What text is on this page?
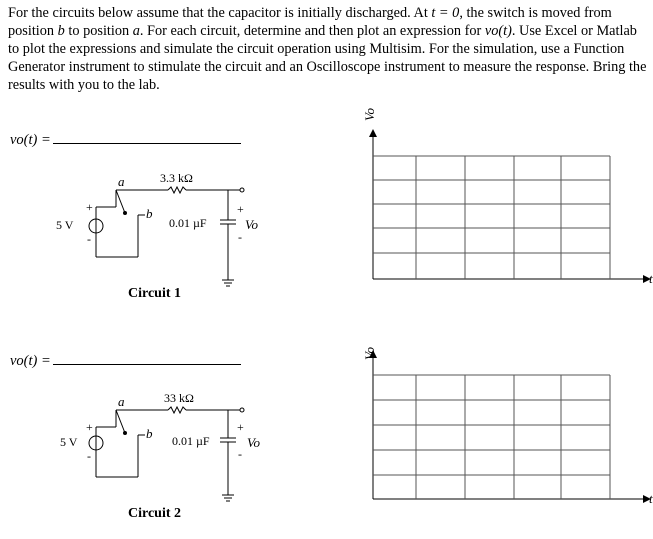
For the circuits below assume that the capacitor is initially discharged. At t = 0, the switch is moved from position b to position a. For each circuit, determine and then plot an expression for vo(t). Use Excel or Matlab to plot the expressions and simulate the circuit operation using Multisim. For the simulation, use a Function Generator instrument to stimulate the circuit and an Oscilloscope instrument to measure the response. Bring the results with you to the lab.
vo(t) =
a
b
3.3 kΩ
0.01 µF
5 V
+
-
+
Vo
-
Circuit 1
Vo
t
vo(t) =
a
b
33 kΩ
0.01 µF
5 V
+
-
+
Vo
-
Circuit 2
Vo
t
